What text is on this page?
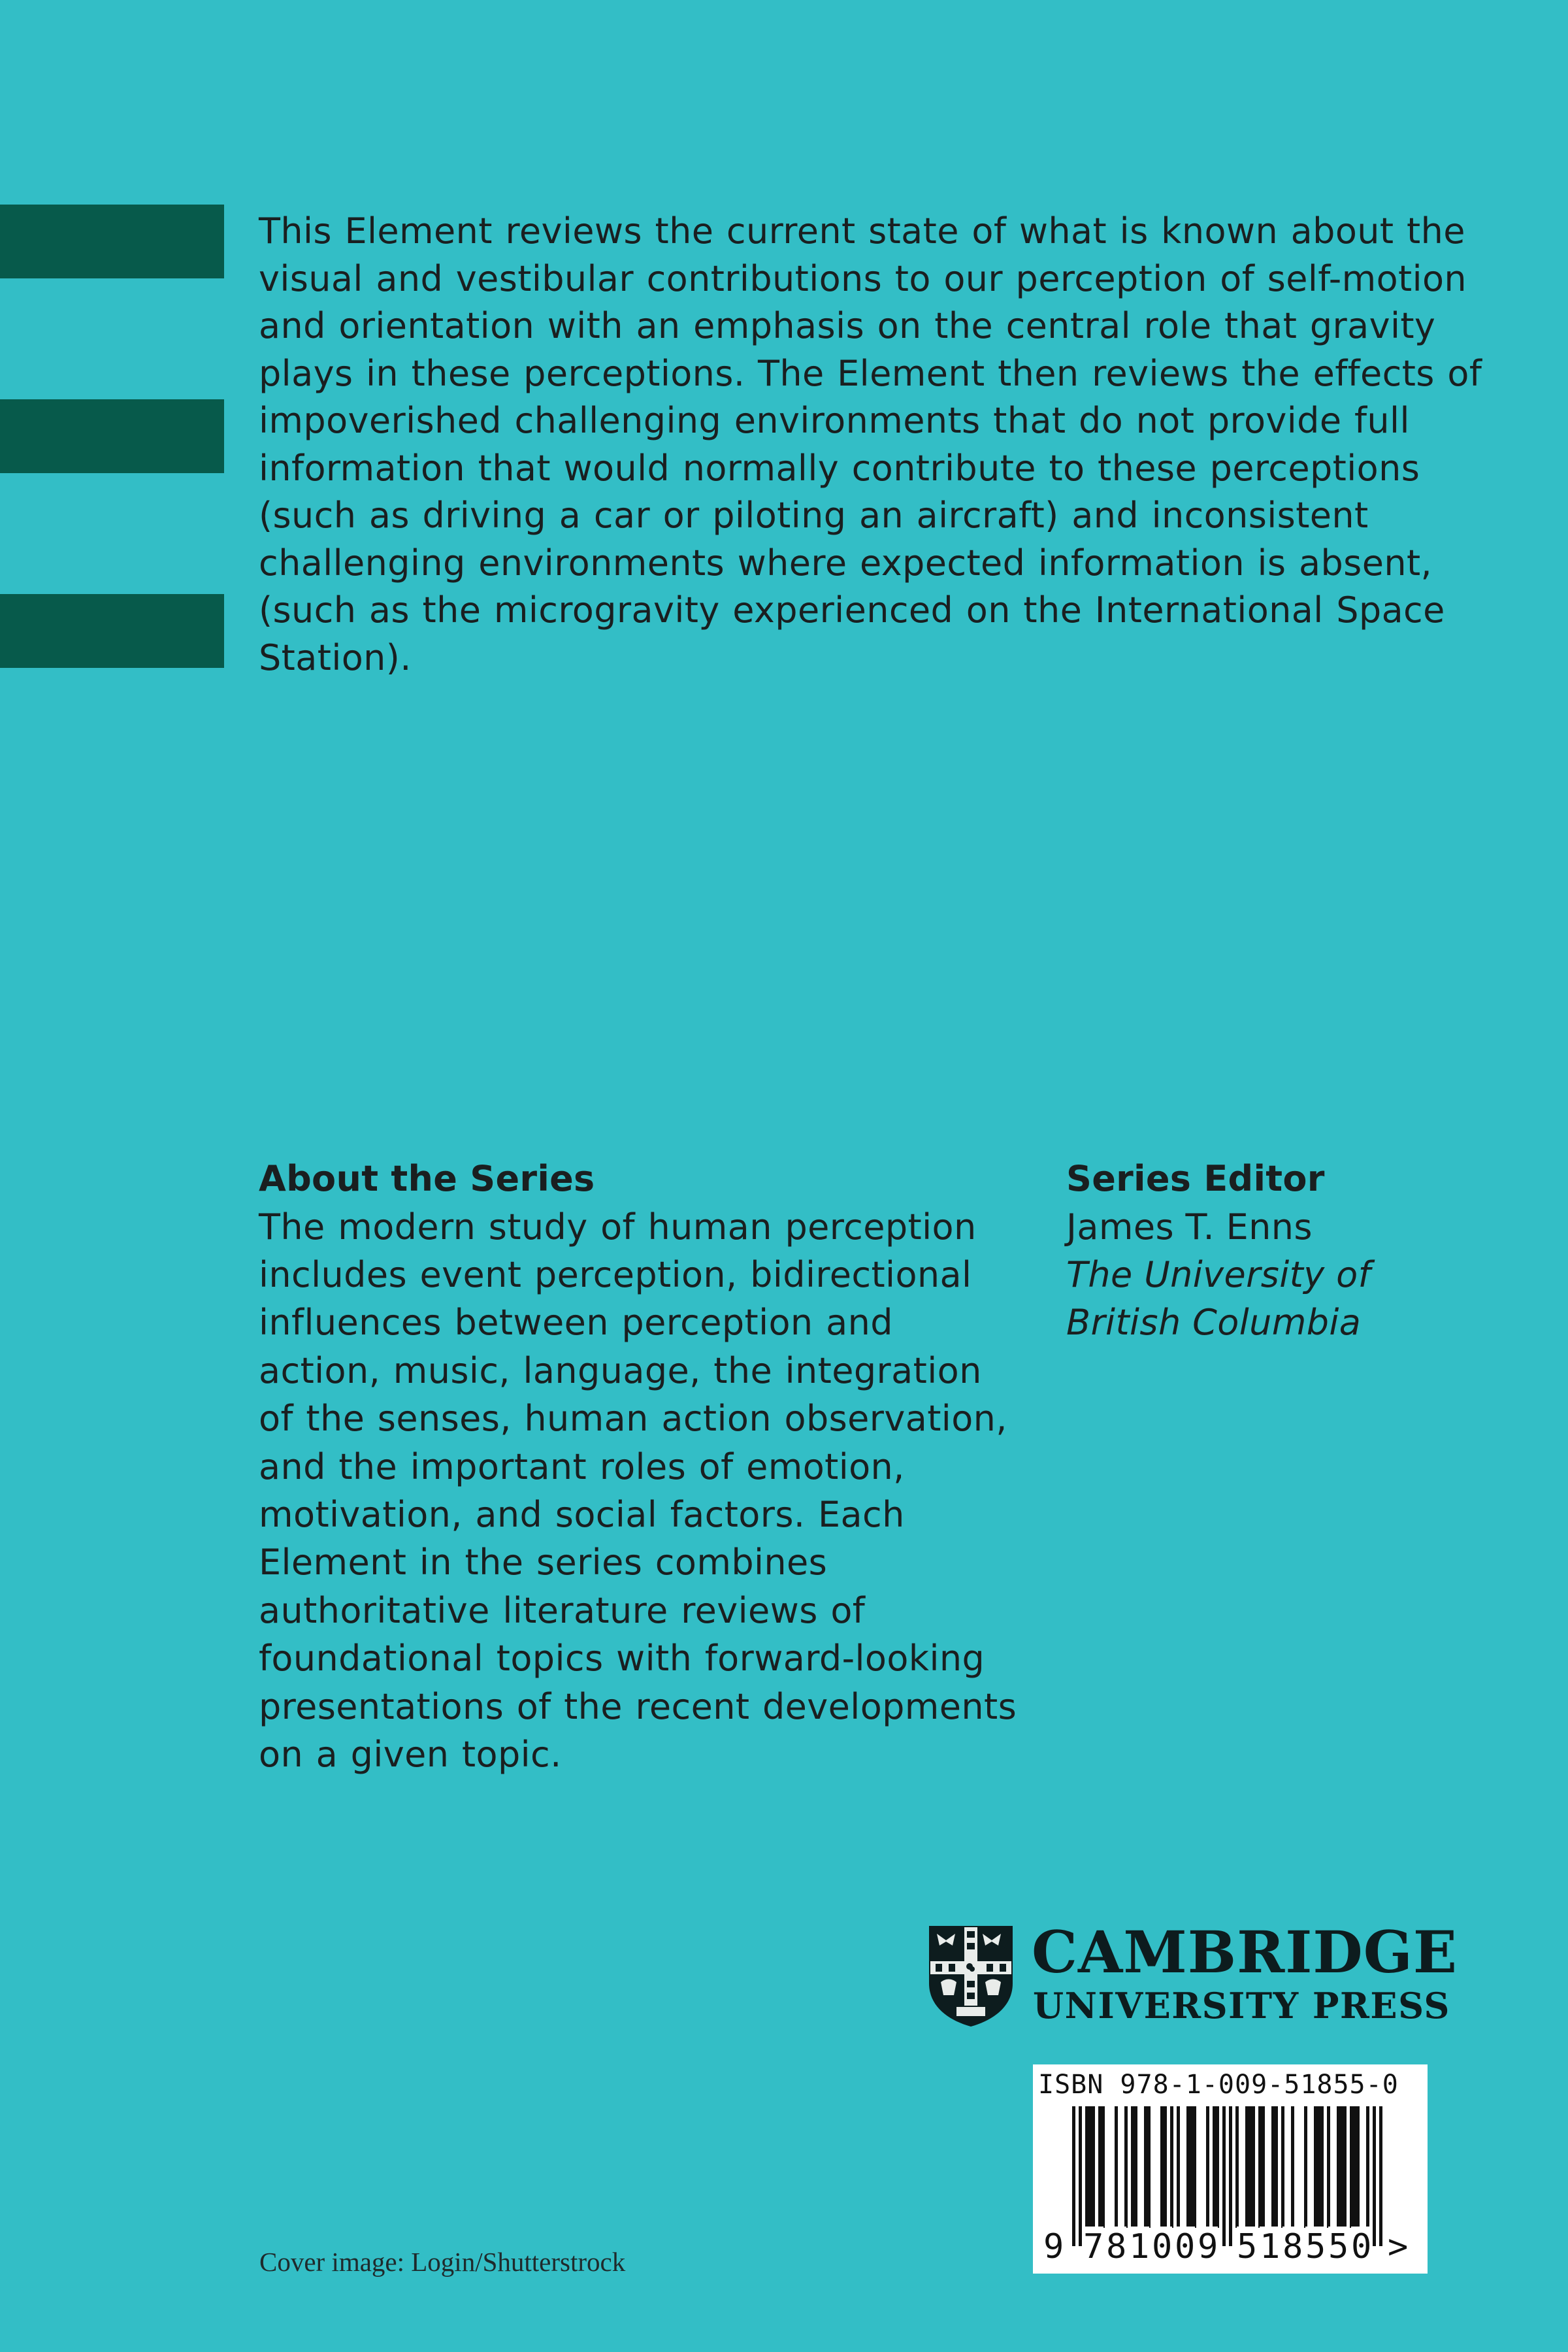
This Element reviews the current state of what is known about the visual and vestibular contributions to our perception of self-motion and orientation with an emphasis on the central role that gravity plays in these perceptions. The Element then reviews the effects of impoverished challenging environments that do not provide full information that would normally contribute to these perceptions (such as driving a car or piloting an aircraft) and inconsistent challenging environments where expected information is absent, (such as the microgravity experienced on the International Space Station).

About the Series

The modern study of human perception includes event perception, bidirectional influences between perception and action, music, language, the integration of the senses, human action observation, and the important roles of emotion, motivation, and social factors. Each Element in the series combines authoritative literature reviews of foundational topics with forward-looking presentations of the recent developments on a given topic.

Series Editor

James T. Enns

The University of

British Columbia

CAMBRIDGE
UNIVERSITY PRESS
ISBN 978-1-009-51855-0
9 7 8 1 0 0 9 5 1 8 5 5 0 >
Cover image: Login/Shutterstrock
